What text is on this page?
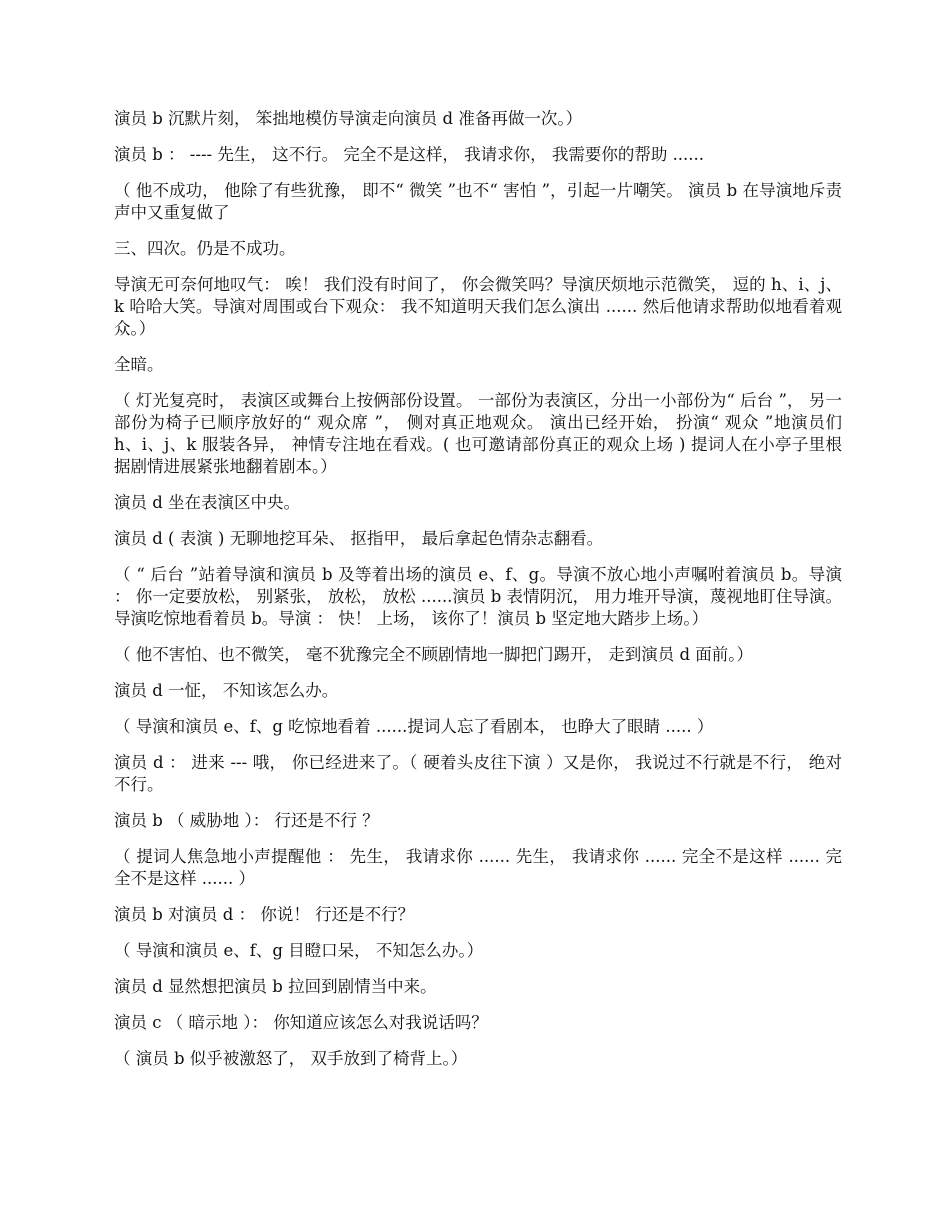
演员 b 沉默片刻， 笨拙地模仿导演走向演员 d 准备再做一次。）

演员 b ： ---- 先生， 这不行。 完全不是这样， 我请求你， 我需要你的帮助 ......

（ 他不成功， 他除了有些犹豫， 即不“ 微笑 ”也不“ 害怕 ”，引起一片嘲笑。 演员 b 在导演地斥责声中又重复做了

三、四次。仍是不成功。

导演无可奈何地叹气： 唉！ 我们没有时间了， 你会微笑吗？导演厌烦地示范微笑， 逗的 h、i、j、k 哈哈大笑。导演对周围或台下观众： 我不知道明天我们怎么演出 ...... 然后他请求帮助似地看着观众。）

全暗。

（ 灯光复亮时， 表演区或舞台上按俩部份设置。 一部份为表演区，分出一小部份为“ 后台 ”， 另一部份为椅子已顺序放好的“ 观众席 ”， 侧对真正地观众。 演出已经开始， 扮演“ 观众 ”地演员们 h、i、j、k 服装各异， 神情专注地在看戏。( 也可邀请部份真正的观众上场 ) 提词人在小亭子里根据剧情进展紧张地翻着剧本。）

演员 d 坐在表演区中央。

演员 d ( 表演 ) 无聊地挖耳朵、 抠指甲， 最后拿起色情杂志翻看。

（ “ 后台 ”站着导演和演员 b 及等着出场的演员 e、f、g。导演不放心地小声嘱咐着演员 b。导演 ： 你一定要放松， 别紧张， 放松， 放松 ......演员 b 表情阴沉， 用力堆开导演，蔑视地盯住导演。导演吃惊地看着员 b。导演 ： 快！ 上场， 该你了！演员 b 坚定地大踏步上场。）

（ 他不害怕、也不微笑， 毫不犹豫完全不顾剧情地一脚把门踢开， 走到演员 d 面前。）

演员 d 一怔， 不知该怎么办。

（ 导演和演员 e、f、g 吃惊地看着 ......提词人忘了看剧本， 也睁大了眼睛 ..... ）

演员 d ： 进来 --- 哦， 你已经进来了。（ 硬着头皮往下演 ）又是你， 我说过不行就是不行， 绝对不行。

演员 b （ 威胁地 ）： 行还是不行 ？

（ 提词人焦急地小声提醒他 ： 先生， 我请求你 ...... 先生， 我请求你 ...... 完全不是这样 ...... 完全不是这样 ...... ）

演员 b 对演员 d ： 你说！ 行还是不行？

（ 导演和演员 e、f、g 目瞪口呆， 不知怎么办。）

演员 d 显然想把演员 b 拉回到剧情当中来。

演员 c （ 暗示地 ）： 你知道应该怎么对我说话吗？

（ 演员 b 似乎被激怒了， 双手放到了椅背上。）
